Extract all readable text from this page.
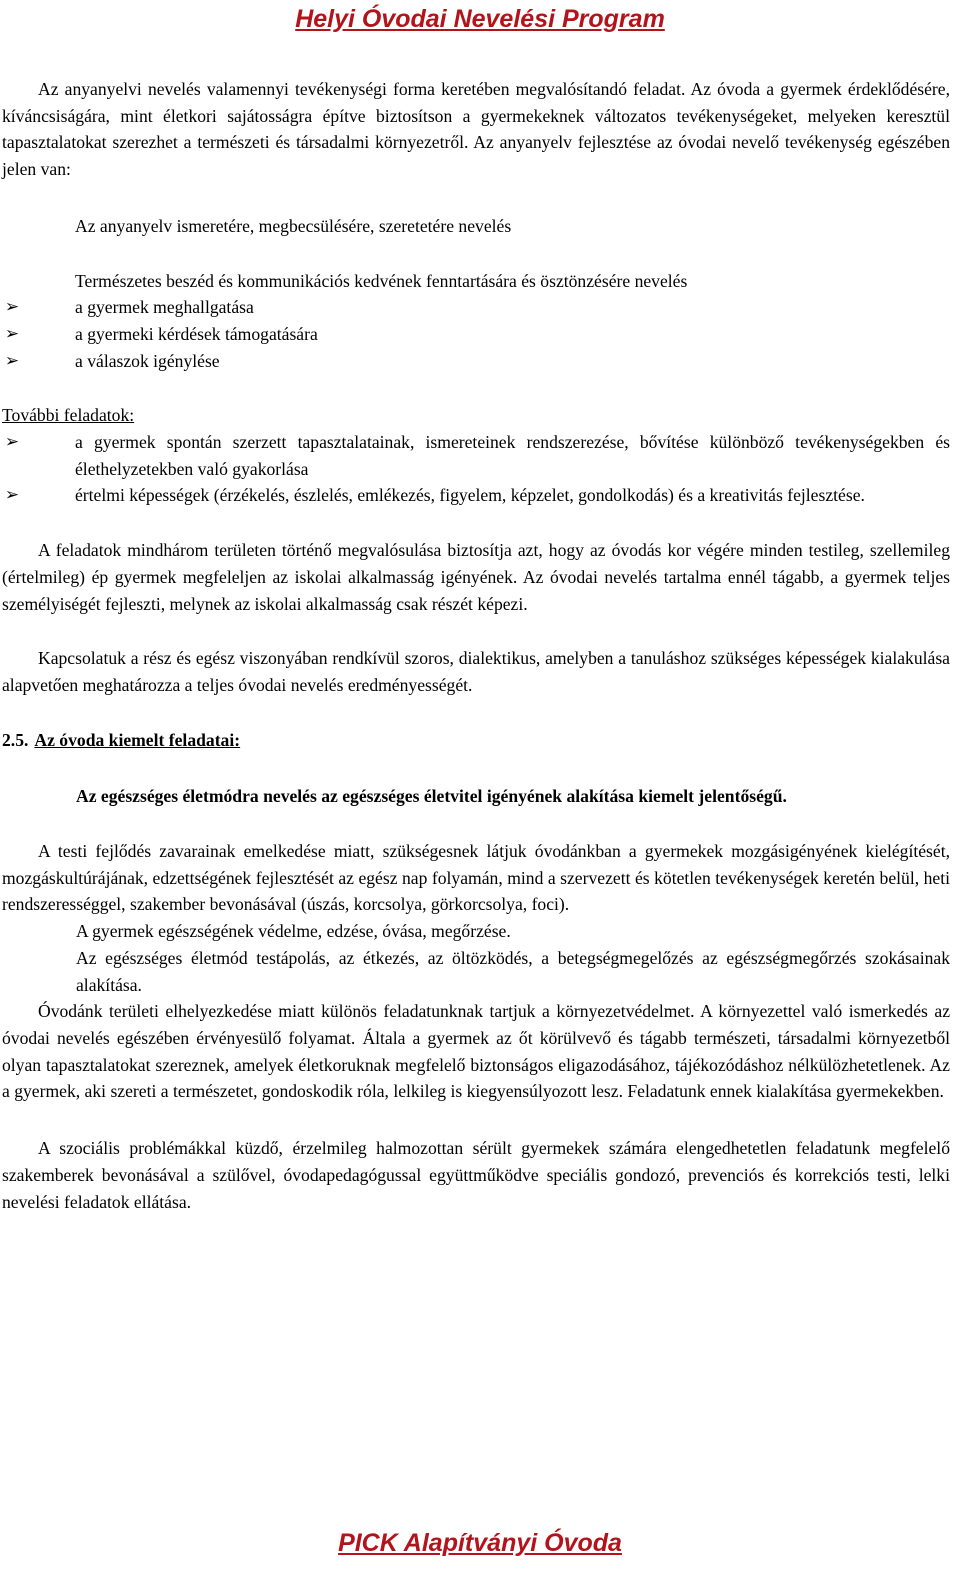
Helyi Óvodai Nevelési Program

Az anyanyelvi nevelés valamennyi tevékenységi forma keretében megvalósítandó feladat. Az óvoda a gyermek érdeklődésére, kíváncsiságára, mint életkori sajátosságra építve biztosítson a gyermekeknek változatos tevékenységeket, melyeken keresztül tapasztalatokat szerezhet a természeti és társadalmi környezetről. Az anyanyelv fejlesztése az óvodai nevelő tevékenység egészében jelen van:

Az anyanyelv ismeretére, megbecsülésére, szeretetére nevelés

Természetes beszéd és kommunikációs kedvének fenntartására és ösztönzésére nevelés

➢	a gyermek meghallgatása
➢	a gyermeki kérdések támogatására
➢	a válaszok igénylése

További feladatok:

➢	a gyermek spontán szerzett tapasztalatainak, ismereteinek rendszerezése, bővítése különböző tevékenységekben és élethelyzetekben való gyakorlása
➢	értelmi képességek (érzékelés, észlelés, emlékezés, figyelem, képzelet, gondolkodás) és a kreativitás fejlesztése.

A feladatok mindhárom területen történő megvalósulása biztosítja azt, hogy az óvodás kor végére minden testileg, szellemileg (értelmileg) ép gyermek megfeleljen az iskolai alkalmasság igényének. Az óvodai nevelés tartalma ennél tágabb, a gyermek teljes személyiségét fejleszti, melynek az iskolai alkalmasság csak részét képezi.

Kapcsolatuk a rész és egész viszonyában rendkívül szoros, dialektikus, amelyben a tanuláshoz szükséges képességek kialakulása alapvetően meghatározza a teljes óvodai nevelés eredményességét.

2.5. Az óvoda kiemelt feladatai:

Az egészséges életmódra nevelés az egészséges életvitel igényének alakítása kiemelt jelentőségű.

A testi fejlődés zavarainak emelkedése miatt, szükségesnek látjuk óvodánkban a gyermekek mozgásigényének kielégítését, mozgáskultúrájának, edzettségének fejlesztését az egész nap folyamán, mind a szervezett és kötetlen tevékenységek keretén belül, heti rendszerességgel, szakember bevonásával (úszás, korcsolya, görkorcsolya, foci).

A gyermek egészségének védelme, edzése, óvása, megőrzése.

Az egészséges életmód testápolás, az étkezés, az öltözködés, a betegségmegelőzés az egészségmegőrzés szokásainak alakítása.

Óvodánk területi elhelyezkedése miatt különös feladatunknak tartjuk a környezetvédelmet. A környezettel való ismerkedés az óvodai nevelés egészében érvényesülő folyamat. Általa a gyermek az őt körülvevő és tágabb természeti, társadalmi környezetből olyan tapasztalatokat szereznek, amelyek életkoruknak megfelelő biztonságos eligazodásához, tájékozódáshoz nélkülözhetetlenek. Az a gyermek, aki szereti a természetet, gondoskodik róla, lelkileg is kiegyensúlyozott lesz. Feladatunk ennek kialakítása gyermekekben.

A szociális problémákkal küzdő, érzelmileg halmozottan sérült gyermekek számára elengedhetetlen feladatunk megfelelő szakemberek bevonásával a szülővel, óvodapedagógussal együttműködve speciális gondozó, prevenciós és korrekciós testi, lelki nevelési feladatok ellátása.

PICK Alapítványi Óvoda
